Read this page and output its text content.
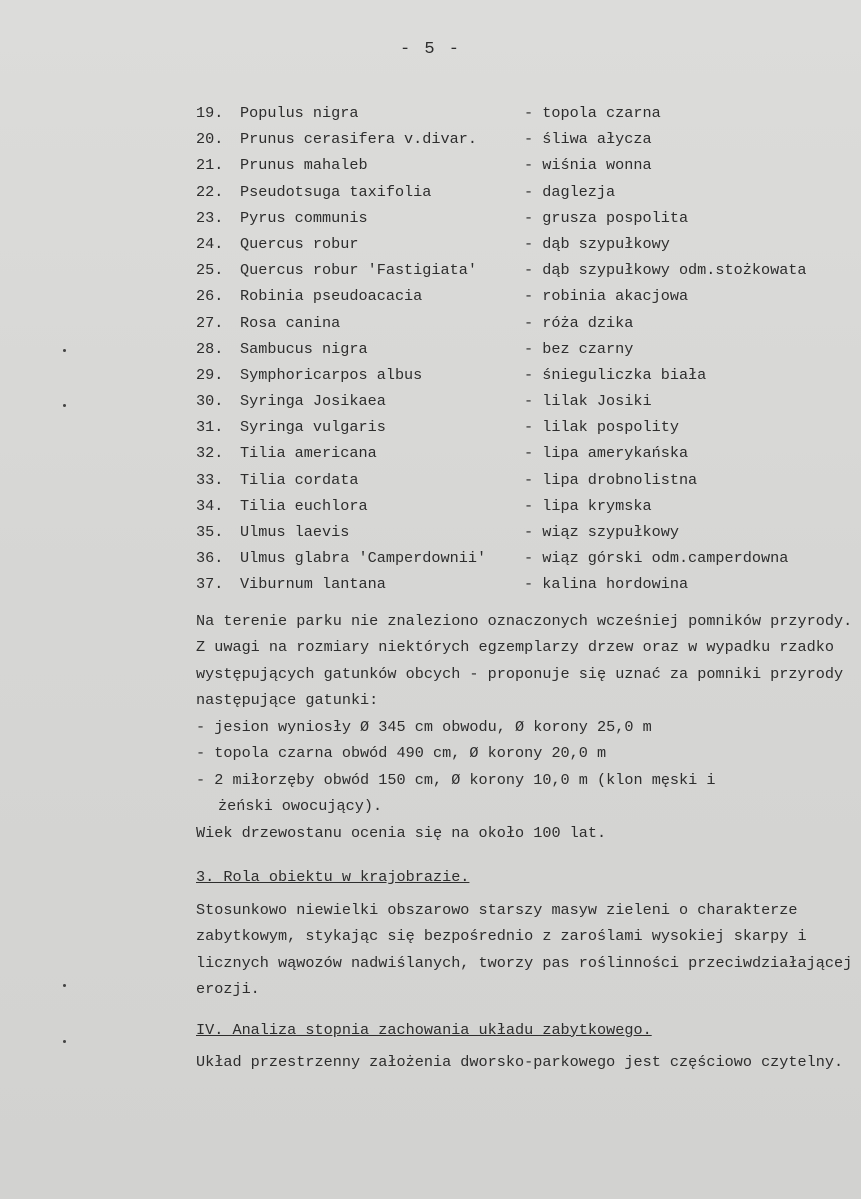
- 5 -
19.	Populus nigra	- topola czarna
20.	Prunus cerasifera v.divar.	- śliwa ałycza
21.	Prunus mahaleb	- wiśnia wonna
22.	Pseudotsuga taxifolia	- daglezja
23.	Pyrus communis	- grusza pospolita
24.	Quercus robur	- dąb szypułkowy
25.	Quercus robur 'Fastigiata'	- dąb szypułkowy odm.stożkowata
26.	Robinia pseudoacacia	- robinia akacjowa
27.	Rosa canina	- róża dzika
28.	Sambucus nigra	- bez czarny
29.	Symphoricarpos albus	- śnieguliczka biała
30.	Syringa Josikaea	- lilak Josiki
31.	Syringa vulgaris	- lilak pospolity
32.	Tilia americana	- lipa amerykańska
33.	Tilia cordata	- lipa drobnolistna
34.	Tilia euchlora	- lipa krymska
35.	Ulmus laevis	- wiąz szypułkowy
36.	Ulmus glabra 'Camperdownii'	- wiąz górski odm.camperdowna
37.	Viburnum lantana	- kalina hordowina

Na terenie parku nie znaleziono oznaczonych wcześniej pomników przyrody.

Z uwagi na rozmiary niektórych egzemplarzy drzew oraz w wypadku rzadko występujących gatunków obcych - proponuje się uznać za pomniki przyrody następujące gatunki:

- jesion wyniosły Ø 345 cm obwodu, Ø korony 25,0 m
- topola czarna obwód 490 cm, Ø korony 20,0 m
- 2 miłorzęby obwód 150 cm, Ø korony 10,0 m (klon męski i
żeński owocujący).

Wiek drzewostanu ocenia się na około 100 lat.

3. Rola obiektu w krajobrazie.

Stosunkowo niewielki obszarowo starszy masyw zieleni o charakterze zabytkowym, stykając się bezpośrednio z zaroślami wysokiej skarpy i licznych wąwozów nadwiślanych, tworzy pas roślinności przeciwdziałającej erozji.

IV. Analiza stopnia zachowania układu zabytkowego.

Układ przestrzenny założenia dworsko-parkowego jest częściowo czytelny.
